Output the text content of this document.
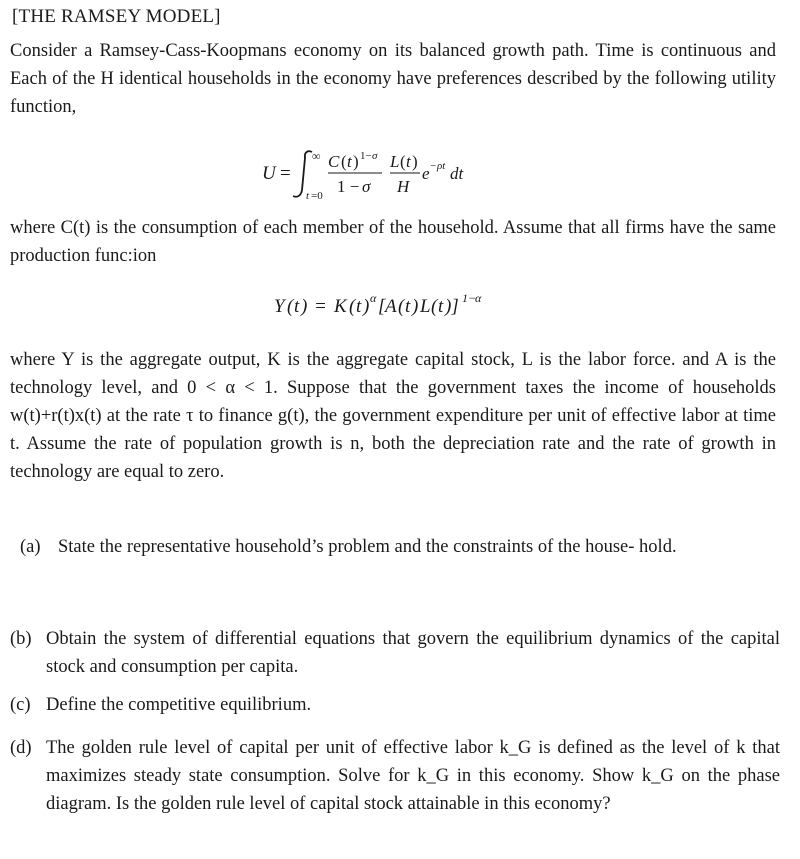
[THE RAMSEY MODEL]

Consider a Ramsey-Cass-Koopmans economy on its balanced growth path. Time is continuous and Each of the H identical households in the economy have preferences described by the following utility function,

U =
∞
t =0
C ( t ) 1− σ
1 − σ
L ( t )
H
e − ρt dt

where C(t) is the consumption of each member of the household. Assume that all firms have the same production func:ion

Y ( t ) = K ( t ) α [ A ( t ) L ( t )] 1−
α

where Y is the aggregate output, K is the aggregate capital stock, L is the labor force. and A is the technology level, and 0 < α < 1. Suppose that the government taxes the income of households w(t)+r(t)x(t) at the rate τ to finance g(t), the government expenditure per unit of effective labor at time t. Assume the rate of population growth is n, both the depreciation rate and the rate of growth in technology are equal to zero.

(a) State the representative household’s problem and the constraints of the house- hold.
(b) Obtain the system of differential equations that govern the equilibrium dynamics of the capital stock and consumption per capita.
(c) Define the competitive equilibrium.
(d) The golden rule level of capital per unit of effective labor k_G is defined as the level of k that maximizes steady state consumption. Solve for k_G in this economy. Show k_G on the phase diagram. Is the golden rule level of capital stock attainable in this economy?
